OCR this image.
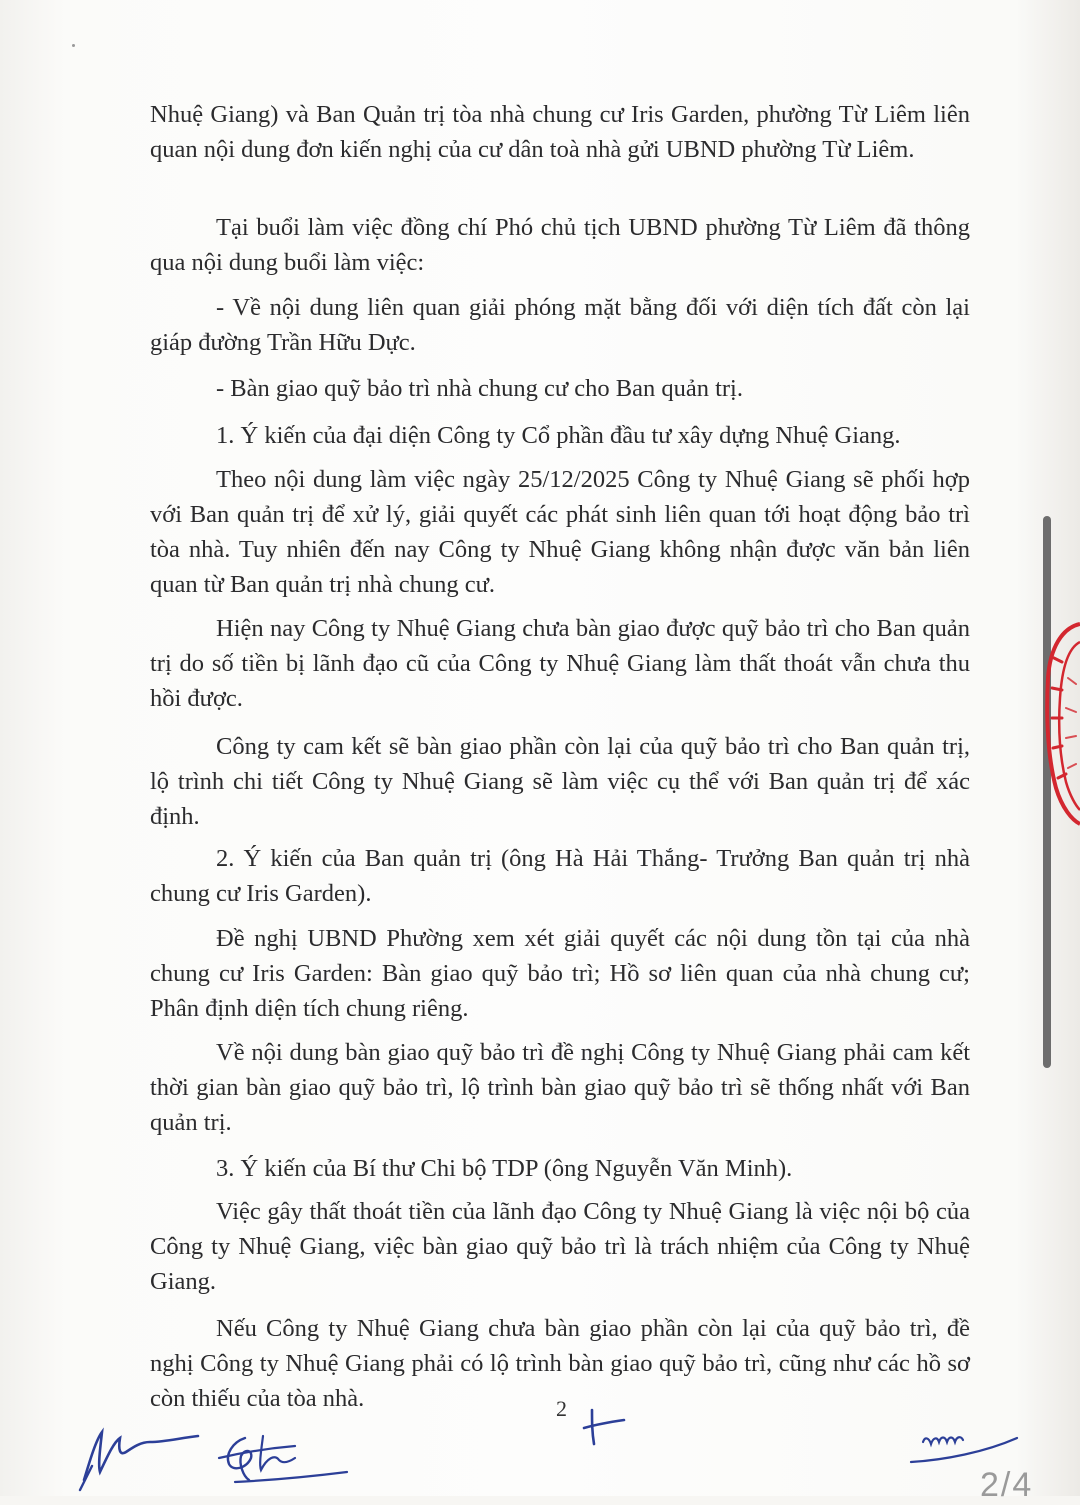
Nhuệ Giang) và Ban Quản trị tòa nhà chung cư Iris Garden, phường Từ Liêm liên quan nội dung đơn kiến nghị của cư dân toà nhà gửi UBND phường Từ Liêm.

Tại buổi làm việc đồng chí Phó chủ tịch UBND phường Từ Liêm đã thông qua nội dung buổi làm việc:

- Về nội dung liên quan giải phóng mặt bằng đối với diện tích đất còn lại giáp đường Trần Hữu Dực.

- Bàn giao quỹ bảo trì nhà chung cư cho Ban quản trị.

1. Ý kiến của đại diện Công ty Cổ phần đầu tư xây dựng Nhuệ Giang.

Theo nội dung làm việc ngày 25/12/2025 Công ty Nhuệ Giang sẽ phối hợp với Ban quản trị để xử lý, giải quyết các phát sinh liên quan tới hoạt động bảo trì tòa nhà. Tuy nhiên đến nay Công ty Nhuệ Giang không nhận được văn bản liên quan từ Ban quản trị nhà chung cư.

Hiện nay Công ty Nhuệ Giang chưa bàn giao được quỹ bảo trì cho Ban quản trị do số tiền bị lãnh đạo cũ của Công ty Nhuệ Giang làm thất thoát vẫn chưa thu hồi được.

Công ty cam kết sẽ bàn giao phần còn lại của quỹ bảo trì cho Ban quản trị, lộ trình chi tiết Công ty Nhuệ Giang sẽ làm việc cụ thể với Ban quản trị để xác định.

2. Ý kiến của Ban quản trị (ông Hà Hải Thắng- Trưởng Ban quản trị nhà chung cư Iris Garden).

Đề nghị UBND Phường xem xét giải quyết các nội dung tồn tại của nhà chung cư Iris Garden: Bàn giao quỹ bảo trì; Hồ sơ liên quan của nhà chung cư; Phân định diện tích chung riêng.

Về nội dung bàn giao quỹ bảo trì đề nghị Công ty Nhuệ Giang phải cam kết thời gian bàn giao quỹ bảo trì, lộ trình bàn giao quỹ bảo trì sẽ thống nhất với Ban quản trị.

3. Ý kiến của Bí thư Chi bộ TDP (ông Nguyễn Văn Minh).

Việc gây thất thoát tiền của lãnh đạo Công ty Nhuệ Giang là việc nội bộ của Công ty Nhuệ Giang, việc bàn giao quỹ bảo trì là trách nhiệm của Công ty Nhuệ Giang.

Nếu Công ty Nhuệ Giang chưa bàn giao phần còn lại của quỹ bảo trì, đề nghị Công ty Nhuệ Giang phải có lộ trình bàn giao quỹ bảo trì, cũng như các hồ sơ còn thiếu của tòa nhà.	2
2/4
